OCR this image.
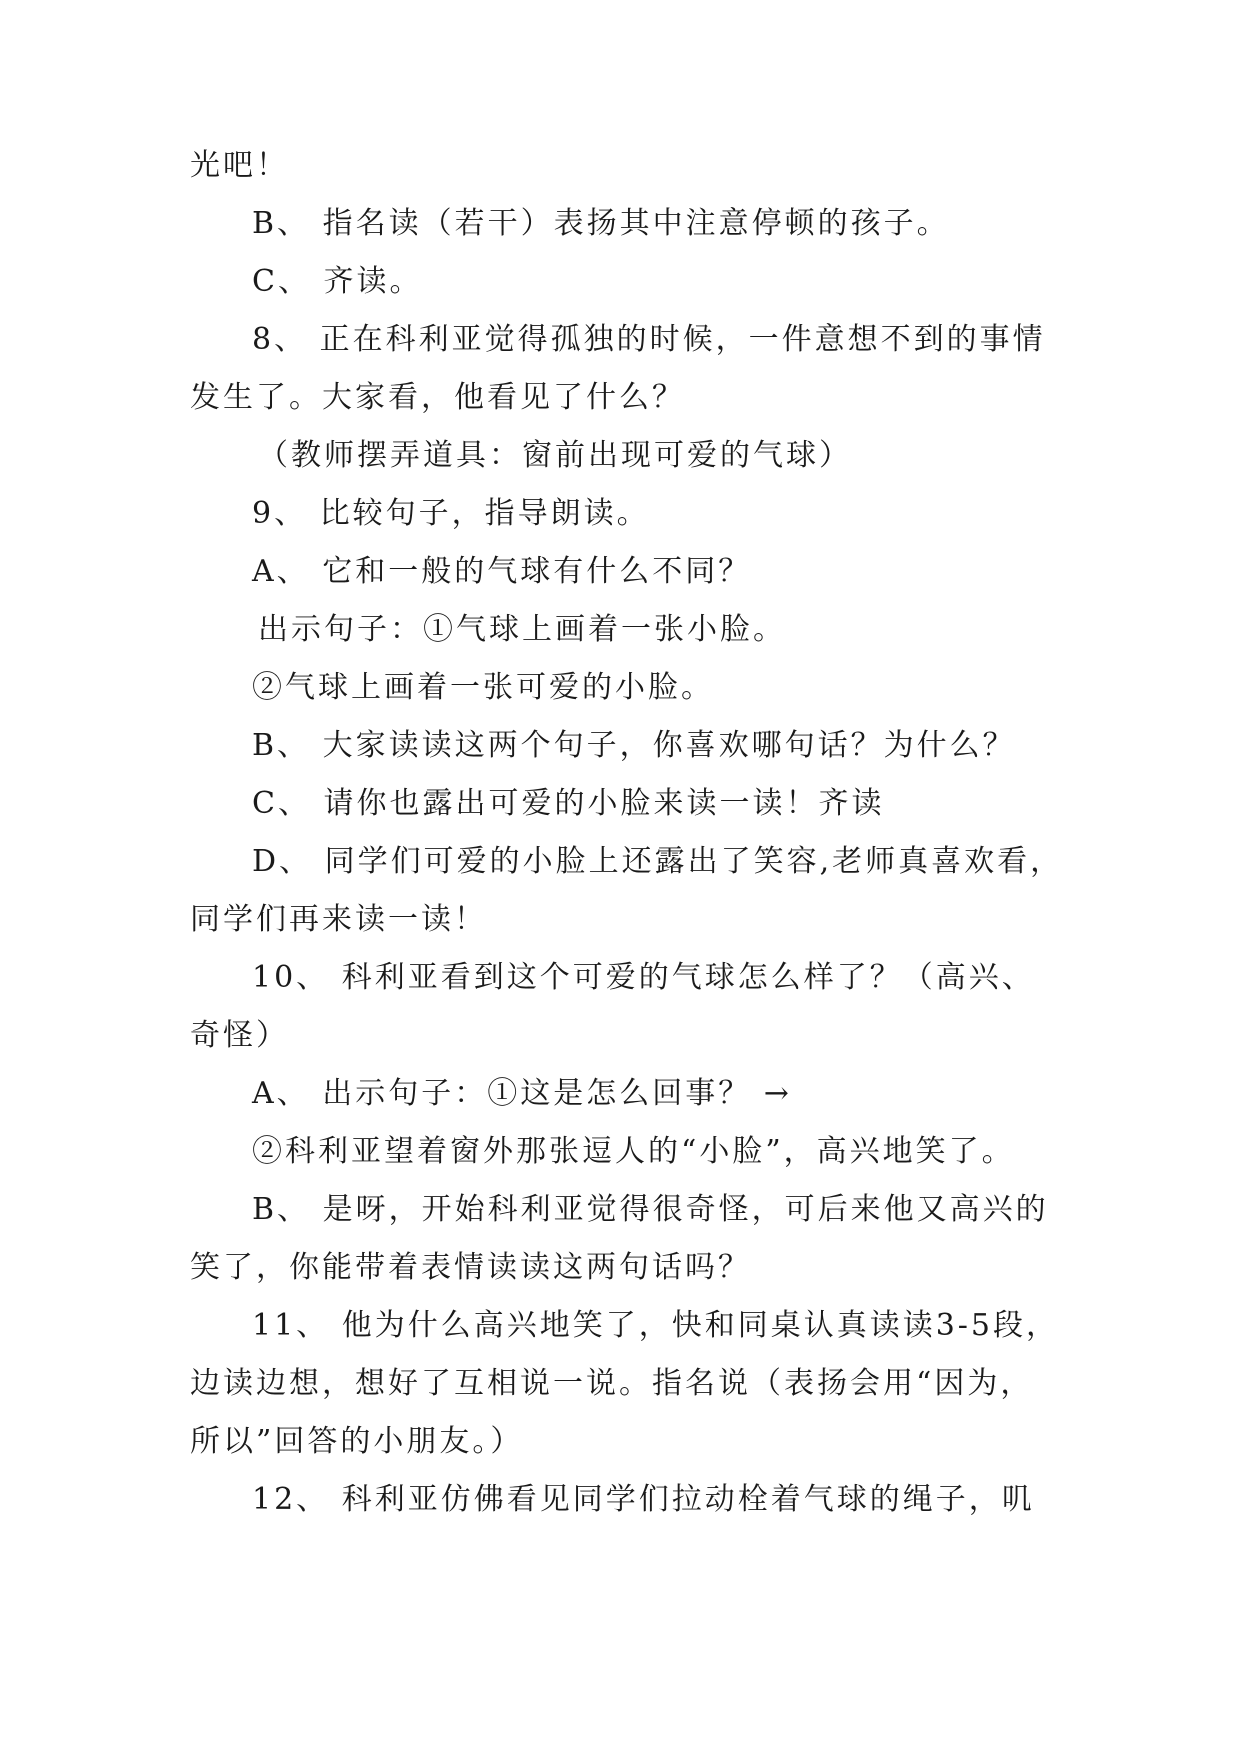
光吧！
B、 指名读（若干）表扬其中注意停顿的孩子。
C、 齐读。
8、 正在科利亚觉得孤独的时候，一件意想不到的事情
发生了。大家看，他看见了什么？
（教师摆弄道具：窗前出现可爱的气球）
9、 比较句子，指导朗读。
A、 它和一般的气球有什么不同？
出示句子：①气球上画着一张小脸。
②气球上画着一张可爱的小脸。
B、 大家读读这两个句子，你喜欢哪句话？为什么？
C、 请你也露出可爱的小脸来读一读！齐读
D、 同学们可爱的小脸上还露出了笑容,老师真喜欢看，
同学们再来读一读！
10、 科利亚看到这个可爱的气球怎么样了？（高兴、
奇怪）
A、 出示句子：①这是怎么回事？ →
②科利亚望着窗外那张逗人的“小脸”，高兴地笑了。
B、 是呀，开始科利亚觉得很奇怪，可后来他又高兴的
笑了，你能带着表情读读这两句话吗？
11、 他为什么高兴地笑了，快和同桌认真读读3-5段，
边读边想，想好了互相说一说。指名说（表扬会用“因为，
所以”回答的小朋友。）
12、 科利亚仿佛看见同学们拉动栓着气球的绳子，叽
